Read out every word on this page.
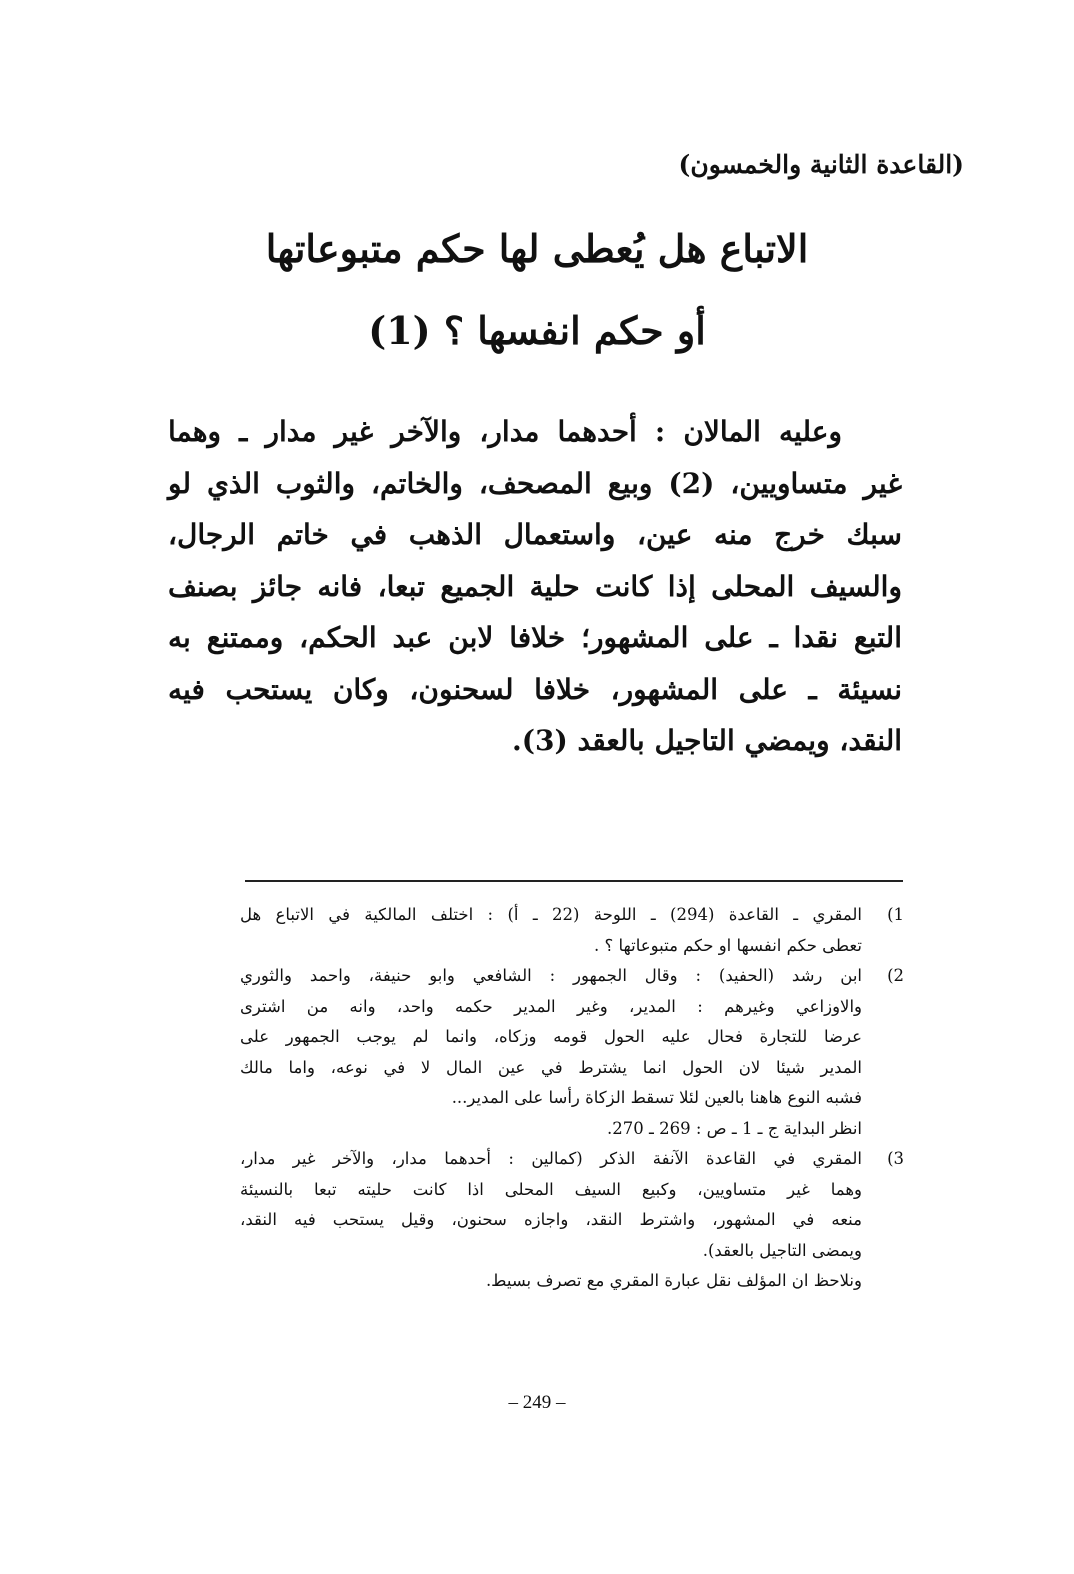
(القاعدة الثانية والخمسون)
الاتباع هل يُعطى لها حكم متبوعاتها
أو حكم انفسها ؟ (1)
وعليه المالان : أحدهما مدار، والآخر غير مدار ـ وهما
غير متساويين، (2) وبيع المصحف، والخاتم، والثوب الذي لو
سبك خرج منه عين، واستعمال الذهب في خاتم الرجال،
والسيف المحلى إذا كانت حلية الجميع تبعا، فانه جائز بصنف
التبع نقدا ـ على المشهور؛ خلافا لابن عبد الحكم، وممتنع به
نسيئة ـ على المشهور، خلافا لسحنون، وكان يستحب فيه
النقد، ويمضي التاجيل بالعقد (3).
1)
المقري ـ القاعدة (294) ـ اللوحة (22 ـ أ) : اختلف المالكية في الاتباع هل
تعطى حكم انفسها او حكم متبوعاتها ؟ .
2)
ابن رشد (الحفيد) : وقال الجمهور : الشافعي وابو حنيفة، واحمد والثوري
والاوزاعي وغيرهم : المدير، وغير المدير حكمه واحد، وانه من اشترى
عرضا للتجارة فحال عليه الحول قومه وزكاه، وانما لم يوجب الجمهور على
المدير شيئا لان الحول انما يشترط في عين المال لا في نوعه، واما مالك
فشبه النوع هاهنا بالعين لئلا تسقط الزكاة رأسا على المدير...
انظر البداية ج ـ 1 ـ ص : 269 ـ 270.
3)
المقري في القاعدة الآنفة الذكر (كمالين : أحدهما مدار، والآخر غير مدار،
وهما غير متساويين، وكبيع السيف المحلى اذا كانت حليته تبعا بالنسيئة
منعه في المشهور، واشترط النقد، واجازه سحنون، وقيل يستحب فيه النقد،
ويمضى التاجيل بالعقد).
ونلاحظ ان المؤلف نقل عبارة المقري مع تصرف بسيط.
– 249 –
